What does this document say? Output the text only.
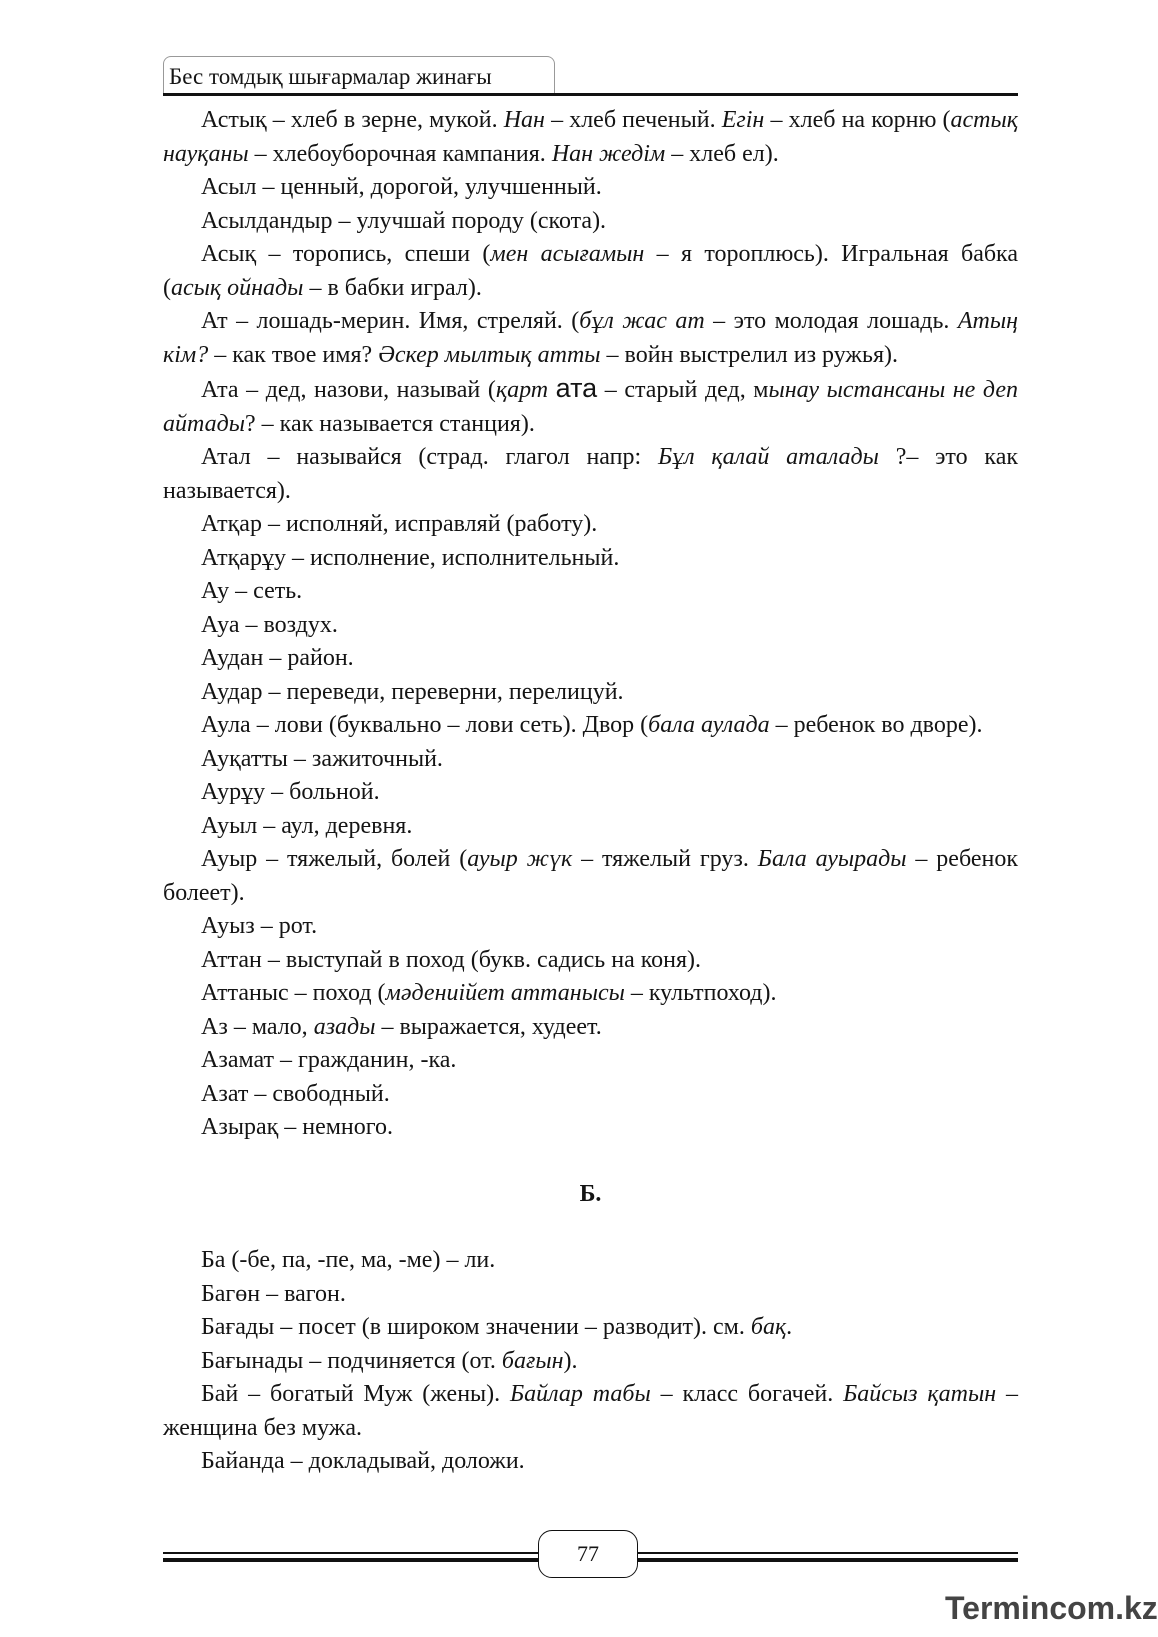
Бес томдық шығармалар жинағы

Астық – хлеб в зерне, мукой. Нан – хлеб печеный. Егін – хлеб на корню (астық науқаны – хлебоуборочная кампания. Нан жедім – хлеб ел).

Асыл – ценный, дорогой, улучшенный.

Асылдандыр – улучшай породу (скота).

Асық – торопись, спеши (мен асығамын – я тороплюсь). Игральная бабка (асық ойнады – в бабки играл).

Ат – лошадь-мерин. Имя, стреляй. (бұл жас ат – это молодая лошадь. Атың кім? – как твое имя? Әскер мылтық атты – войн выстрелил из ружья).

Ата – дед, назови, называй (қарт ата – старый дед, мынау ыстансаны не деп айтады? – как называется станция).

Атал – называйся (страд. глагол напр: Бұл қалай аталады ?– это как называется).

Атқар – исполняй, исправляй (работу).

Атқарұу – исполнение, исполнительный.

Ау – сеть.

Ауа – воздух.

Аудан – район.

Аудар – переведи, переверни, перелицуй.

Аула – лови (буквально – лови сеть). Двор (бала аулада – ребенок во дворе).

Ауқатты – зажиточный.

Аурұу – больной.

Ауыл – аул, деревня.

Ауыр – тяжелый, болей (ауыр жүк – тяжелый груз. Бала ауырады – ребенок болеет).

Ауыз – рот.

Аттан – выступай в поход (букв. садись на коня).

Аттаныс – поход (мәдениійет аттанысы – культпоход).

Аз – мало, азады – выражается, худеет.

Азамат – гражданин, -ка.

Азат – свободный.

Азырақ – немного.

Б.

Ба (-бе, па, -пе, ма, -ме) – ли.

Багөн – вагон.

Бағады – посет (в широком значении – разводит). см. бақ.

Бағынады – подчиняется (от. бағын).

Бай – богатый Муж (жены). Байлар табы – класс богачей. Байсыз қатын – женщина без мужа.

Байанда – докладывай, доложи.

77
Termincom.kz
